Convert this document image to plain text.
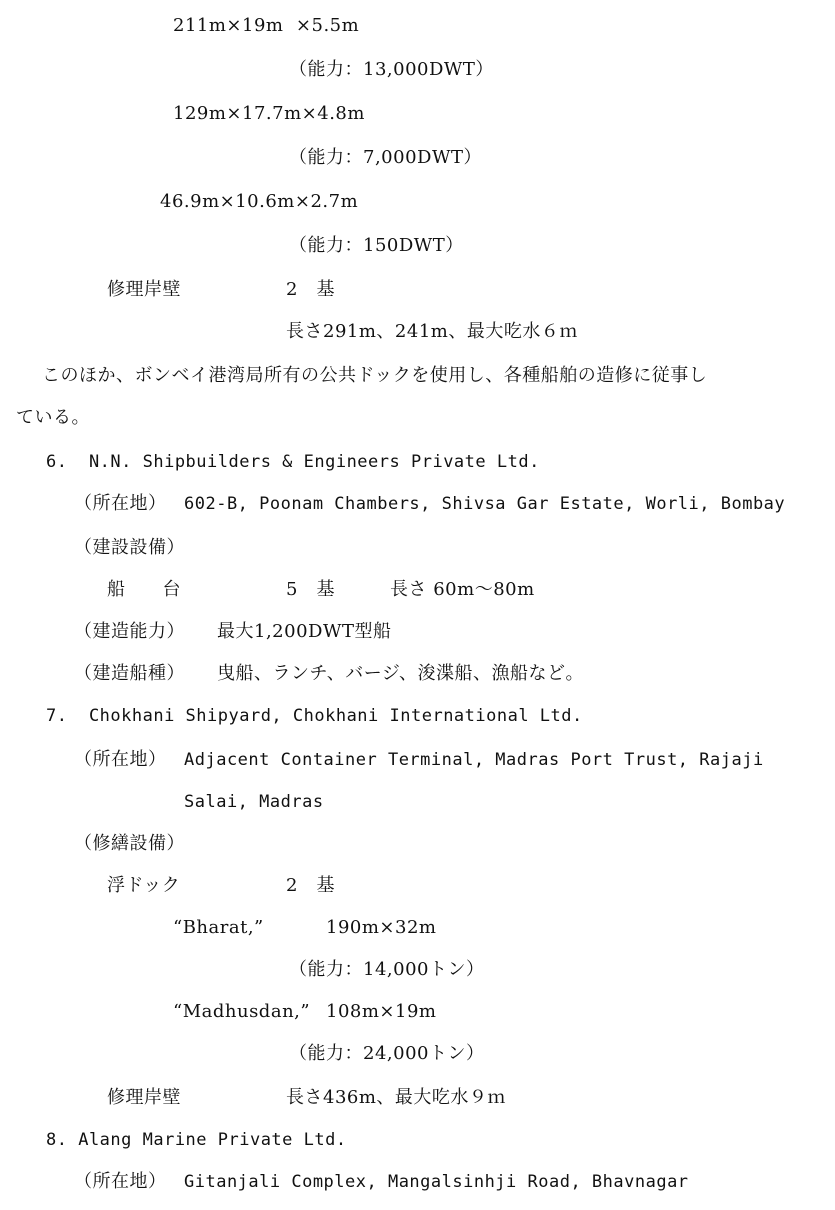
211m×19m  ×5.5m
（能力：13,000DWT）
129m×17.7m×4.8m
（能力：7,000DWT）
46.9m×10.6m×2.7m
（能力：150DWT）
修理岸壁	2　基
長さ291m、241m、最大吃水６ｍ
このほか、ボンベイ港湾局所有の公共ドックを使用し、各種船舶の造修に従事し
ている。
6.  N.N. Shipbuilders & Engineers Private Ltd.
（所在地） 602-B, Poonam Chambers, Shivsa Gar Estate, Worli, Bombay
（建設設備）
船　　台	5　基	長さ 60m～80m
（建造能力） 最大1,200DWT型船
（建造船種） 曳船、ランチ、バージ、浚渫船、漁船など。
7.  Chokhani Shipyard, Chokhani International Ltd.
（所在地） Adjacent Container Terminal, Madras Port Trust, Rajaji
Salai, Madras
（修繕設備）
浮ドック	2　基
“Bharat,”	190m×32m
（能力：14,000トン）
“Madhusdan,” 108m×19m
（能力：24,000トン）
修理岸壁	長さ436m、最大吃水９ｍ
8. Alang Marine Private Ltd.
（所在地） Gitanjali Complex, Mangalsinhji Road, Bhavnagar
